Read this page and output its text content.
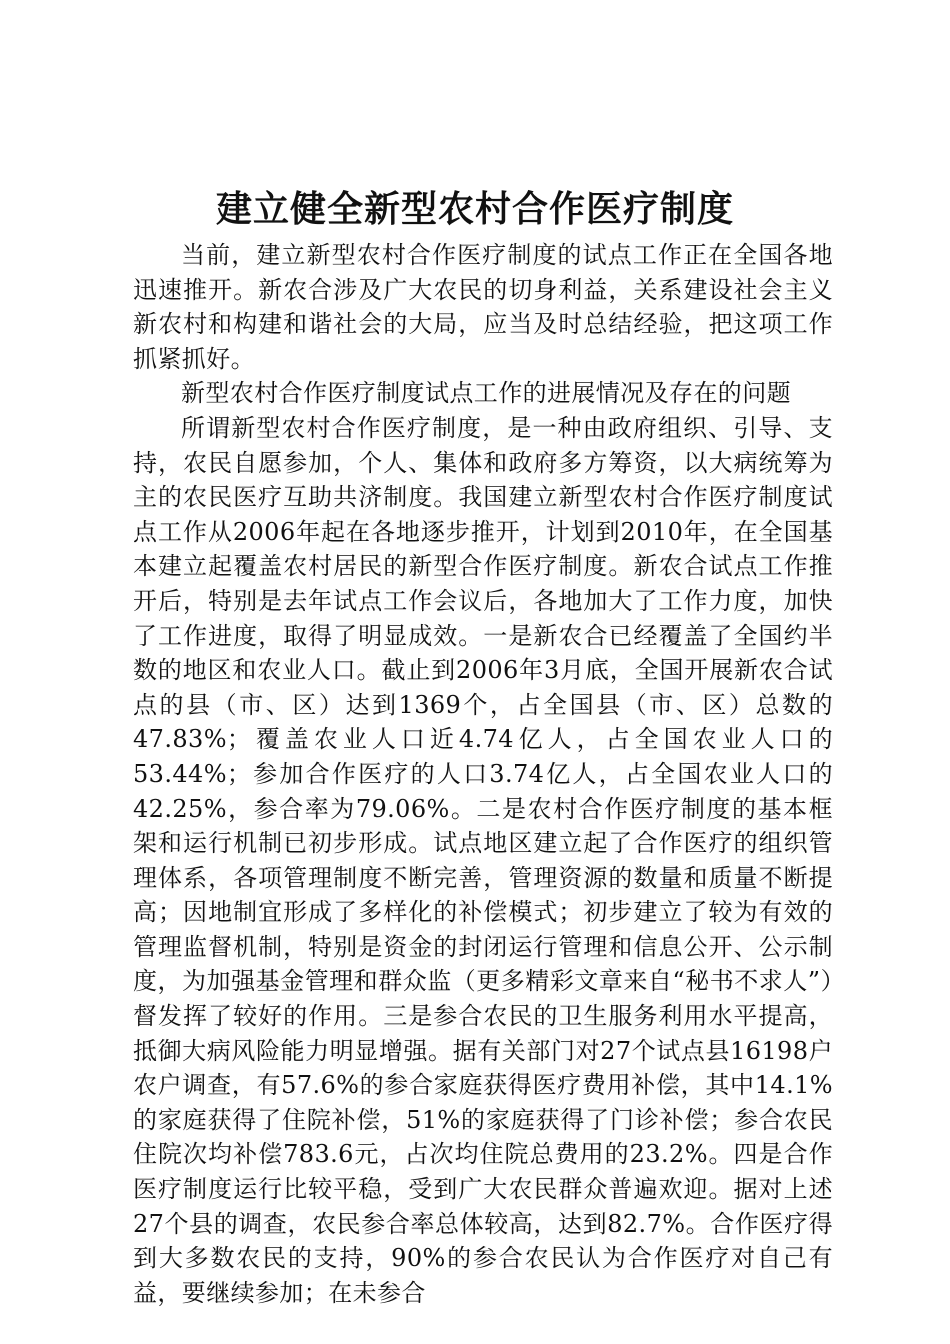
建立健全新型农村合作医疗制度

当前，建立新型农村合作医疗制度的试点工作正在全国各地迅速推开。新农合涉及广大农民的切身利益，关系建设社会主义新农村和构建和谐社会的大局，应当及时总结经验，把这项工作抓紧抓好。

新型农村合作医疗制度试点工作的进展情况及存在的问题

所谓新型农村合作医疗制度，是一种由政府组织、引导、支持，农民自愿参加，个人、集体和政府多方筹资，以大病统筹为主的农民医疗互助共济制度。我国建立新型农村合作医疗制度试点工作从2006年起在各地逐步推开，计划到2010年，在全国基本建立起覆盖农村居民的新型合作医疗制度。新农合试点工作推开后，特别是去年试点工作会议后，各地加大了工作力度，加快了工作进度，取得了明显成效。一是新农合已经覆盖了全国约半数的地区和农业人口。截止到2006年3月底，全国开展新农合试点的县（市、区）达到1369个，占全国县（市、区）总数的47.83%；覆盖农业人口近4.74亿人，占全国农业人口的53.44%；参加合作医疗的人口3.74亿人，占全国农业人口的42.25%，参合率为79.06%。二是农村合作医疗制度的基本框架和运行机制已初步形成。试点地区建立起了合作医疗的组织管理体系，各项管理制度不断完善，管理资源的数量和质量不断提高；因地制宜形成了多样化的补偿模式；初步建立了较为有效的管理监督机制，特别是资金的封闭运行管理和信息公开、公示制度，为加强基金管理和群众监（更多精彩文章来自“秘书不求人”）督发挥了较好的作用。三是参合农民的卫生服务利用水平提高，抵御大病风险能力明显增强。据有关部门对27个试点县16198户农户调查，有57.6%的参合家庭获得医疗费用补偿，其中14.1%的家庭获得了住院补偿，51%的家庭获得了门诊补偿；参合农民住院次均补偿783.6元，占次均住院总费用的23.2%。四是合作医疗制度运行比较平稳，受到广大农民群众普遍欢迎。据对上述27个县的调查，农民参合率总体较高，达到82.7%。合作医疗得到大多数农民的支持，90%的参合农民认为合作医疗对自己有益，要继续参加；在未参合
